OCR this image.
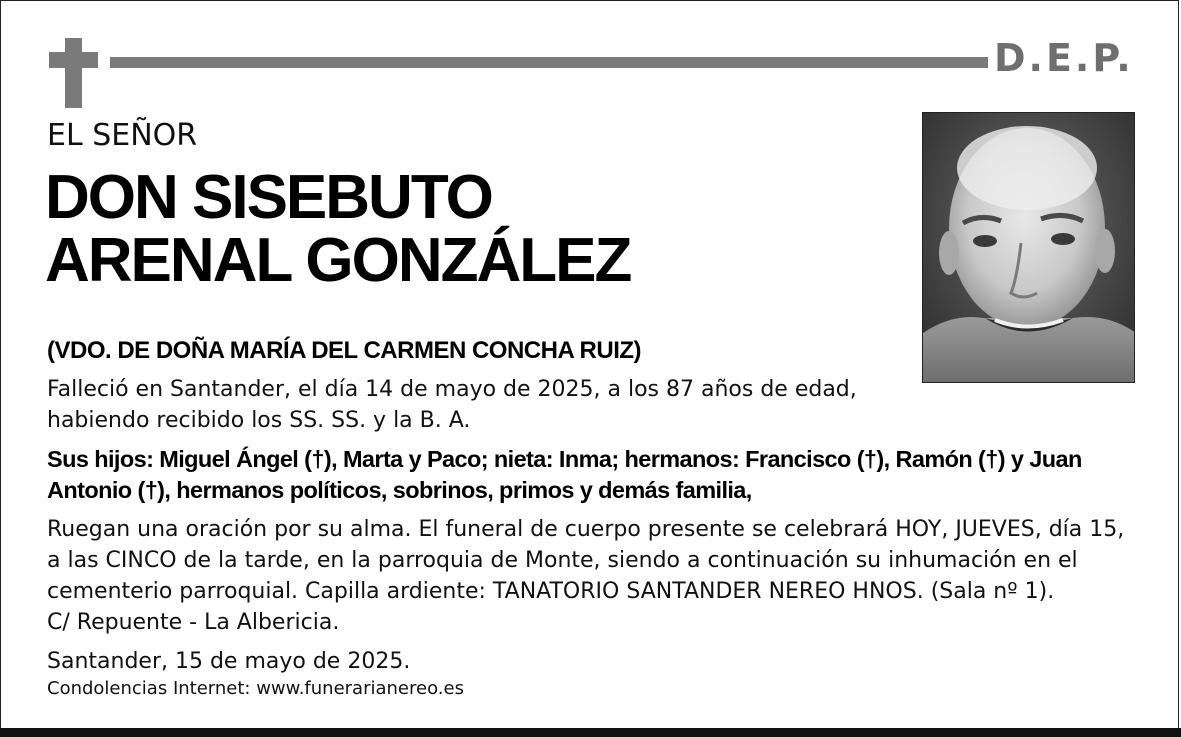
D.E.P.
EL SEÑOR
DON SISEBUTO
ARENAL GONZÁLEZ
(VDO. DE DOÑA MARÍA DEL CARMEN CONCHA RUIZ)

Falleció en Santander, el día 14 de mayo de 2025, a los 87 años de edad,
habiendo recibido los SS. SS. y la B. A.

Sus hijos: Miguel Ángel (†), Marta y Paco; nieta: Inma; hermanos: Francisco (†), Ramón (†) y Juan
Antonio (†), hermanos políticos, sobrinos, primos y demás familia,

Ruegan una oración por su alma. El funeral de cuerpo presente se celebrará HOY, JUEVES, día 15,
a las CINCO de la tarde, en la parroquia de Monte, siendo a continuación su inhumación en el
cementerio parroquial. Capilla ardiente: TANATORIO SANTANDER NEREO HNOS. (Sala nº 1).
C/ Repuente - La Albericia.

Santander, 15 de mayo de 2025.

Condolencias Internet: www.funerarianereo.es
